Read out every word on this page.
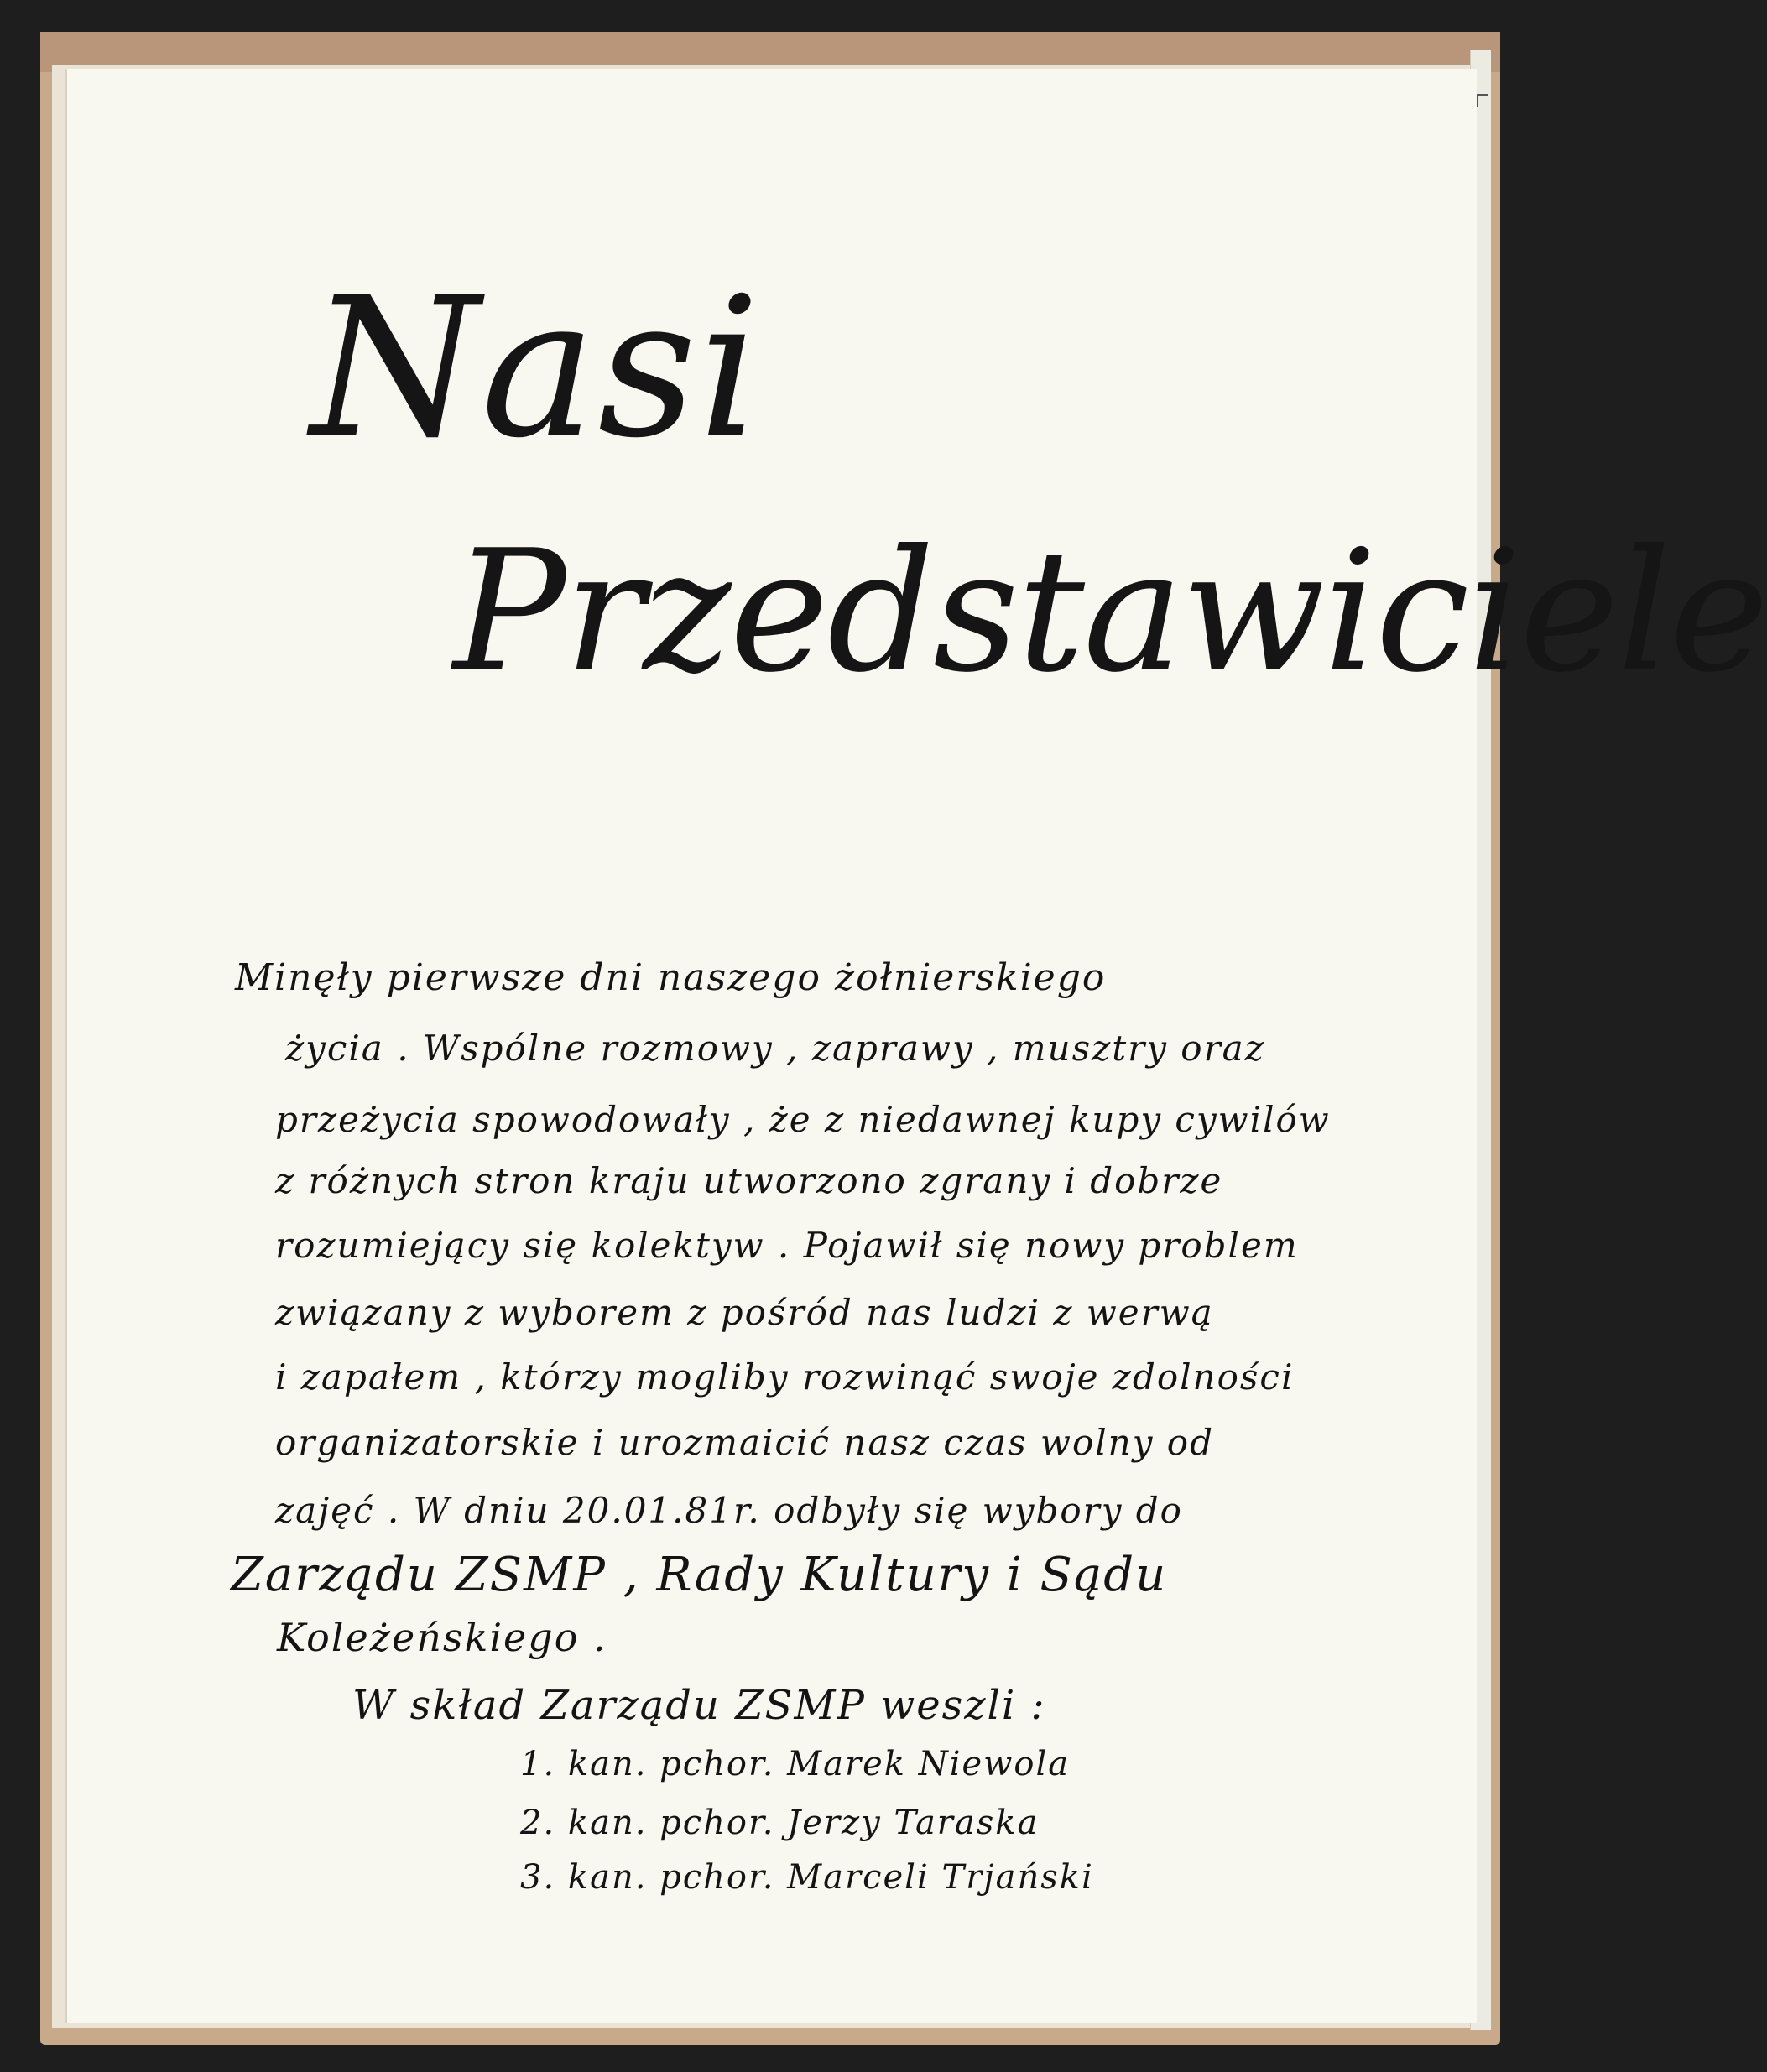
Nasi
Przedstawiciele
Minęły pierwsze dni naszego żołnierskiego
życia . Wspólne rozmowy , zaprawy , musztry oraz
przeżycia spowodowały , że z niedawnej kupy cywilów
z różnych stron kraju utworzono zgrany i dobrze
rozumiejący się kolektyw . Pojawił się nowy problem
związany z wyborem z pośród nas ludzi z werwą
i zapałem , którzy mogliby rozwinąć swoje zdolności
organizatorskie i urozmaicić nasz czas wolny od
zajęć . W dniu 20.01.81r. odbyły się wybory do
Zarządu ZSMP , Rady Kultury i Sądu
Koleżeńskiego .
W skład Zarządu ZSMP weszli :
1. kan. pchor. Marek Niewola
2. kan. pchor. Jerzy Taraska
3. kan. pchor. Marceli Trjański
